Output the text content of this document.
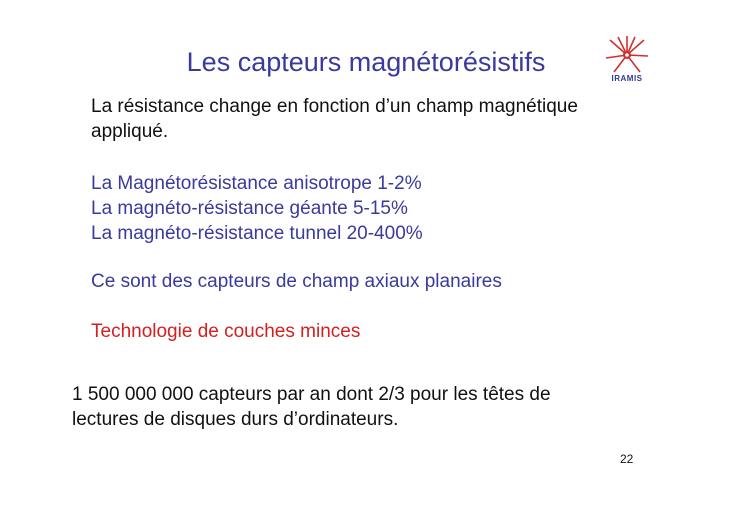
Les capteurs magnétorésistifs
IRAMIS
La résistance change en fonction d’un champ magnétique
appliqué.
La Magnétorésistance anisotrope 1-2%
La magnéto-résistance géante 5-15%
La magnéto-résistance tunnel 20-400%
Ce sont des capteurs de champ axiaux planaires
Technologie de couches minces
1 500 000 000 capteurs par an dont 2/3 pour les têtes de
lectures de disques durs d’ordinateurs.
22
